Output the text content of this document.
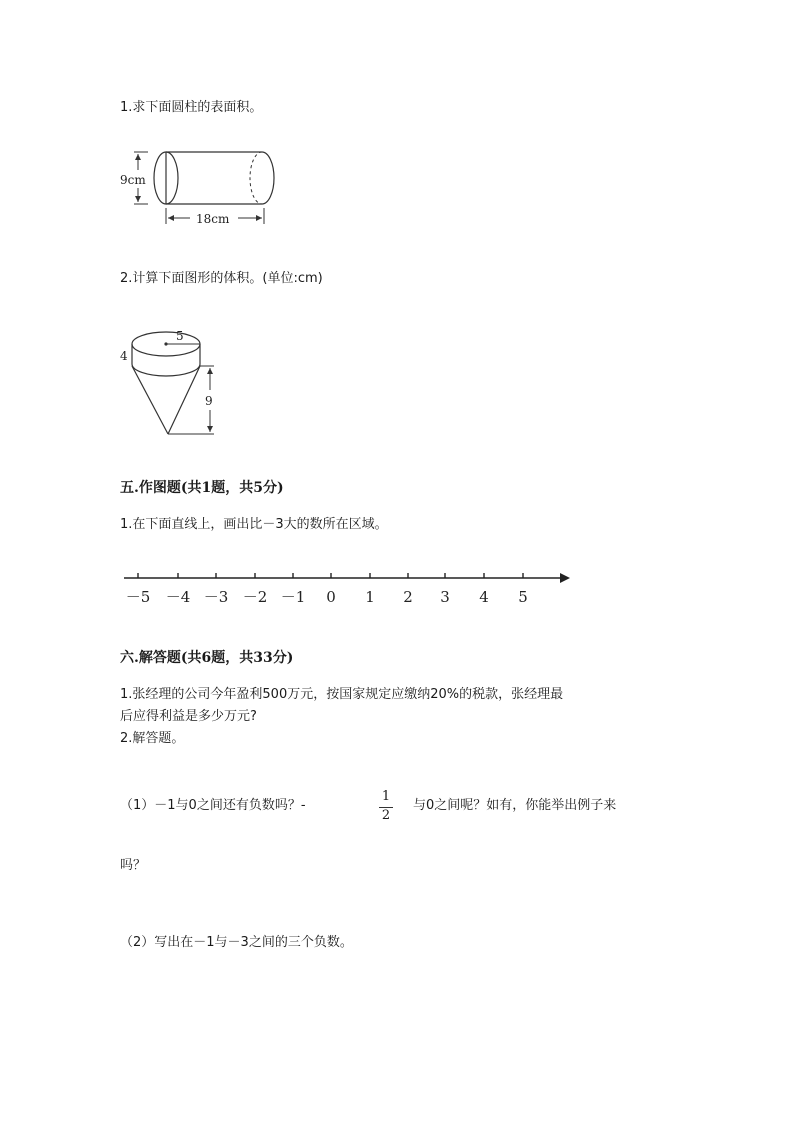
1.求下面圆柱的表面积。
9cm
18cm
2.计算下面图形的体积。(单位:cm)
5
4
9
五.作图题(共1题，共5分)
1.在下面直线上，画出比－3大的数所在区域。
－5 －4 －3 －2 －1 0 1 2 3 4 5
六.解答题(共6题，共33分)
1.张经理的公司今年盈利500万元，按国家规定应缴纳20%的税款，张经理最
后应得利益是多少万元?
2.解答题。
（1）－1与0之间还有负数吗？-
1
2
与0之间呢？如有，你能举出例子来
吗？
（2）写出在－1与－3之间的三个负数。
